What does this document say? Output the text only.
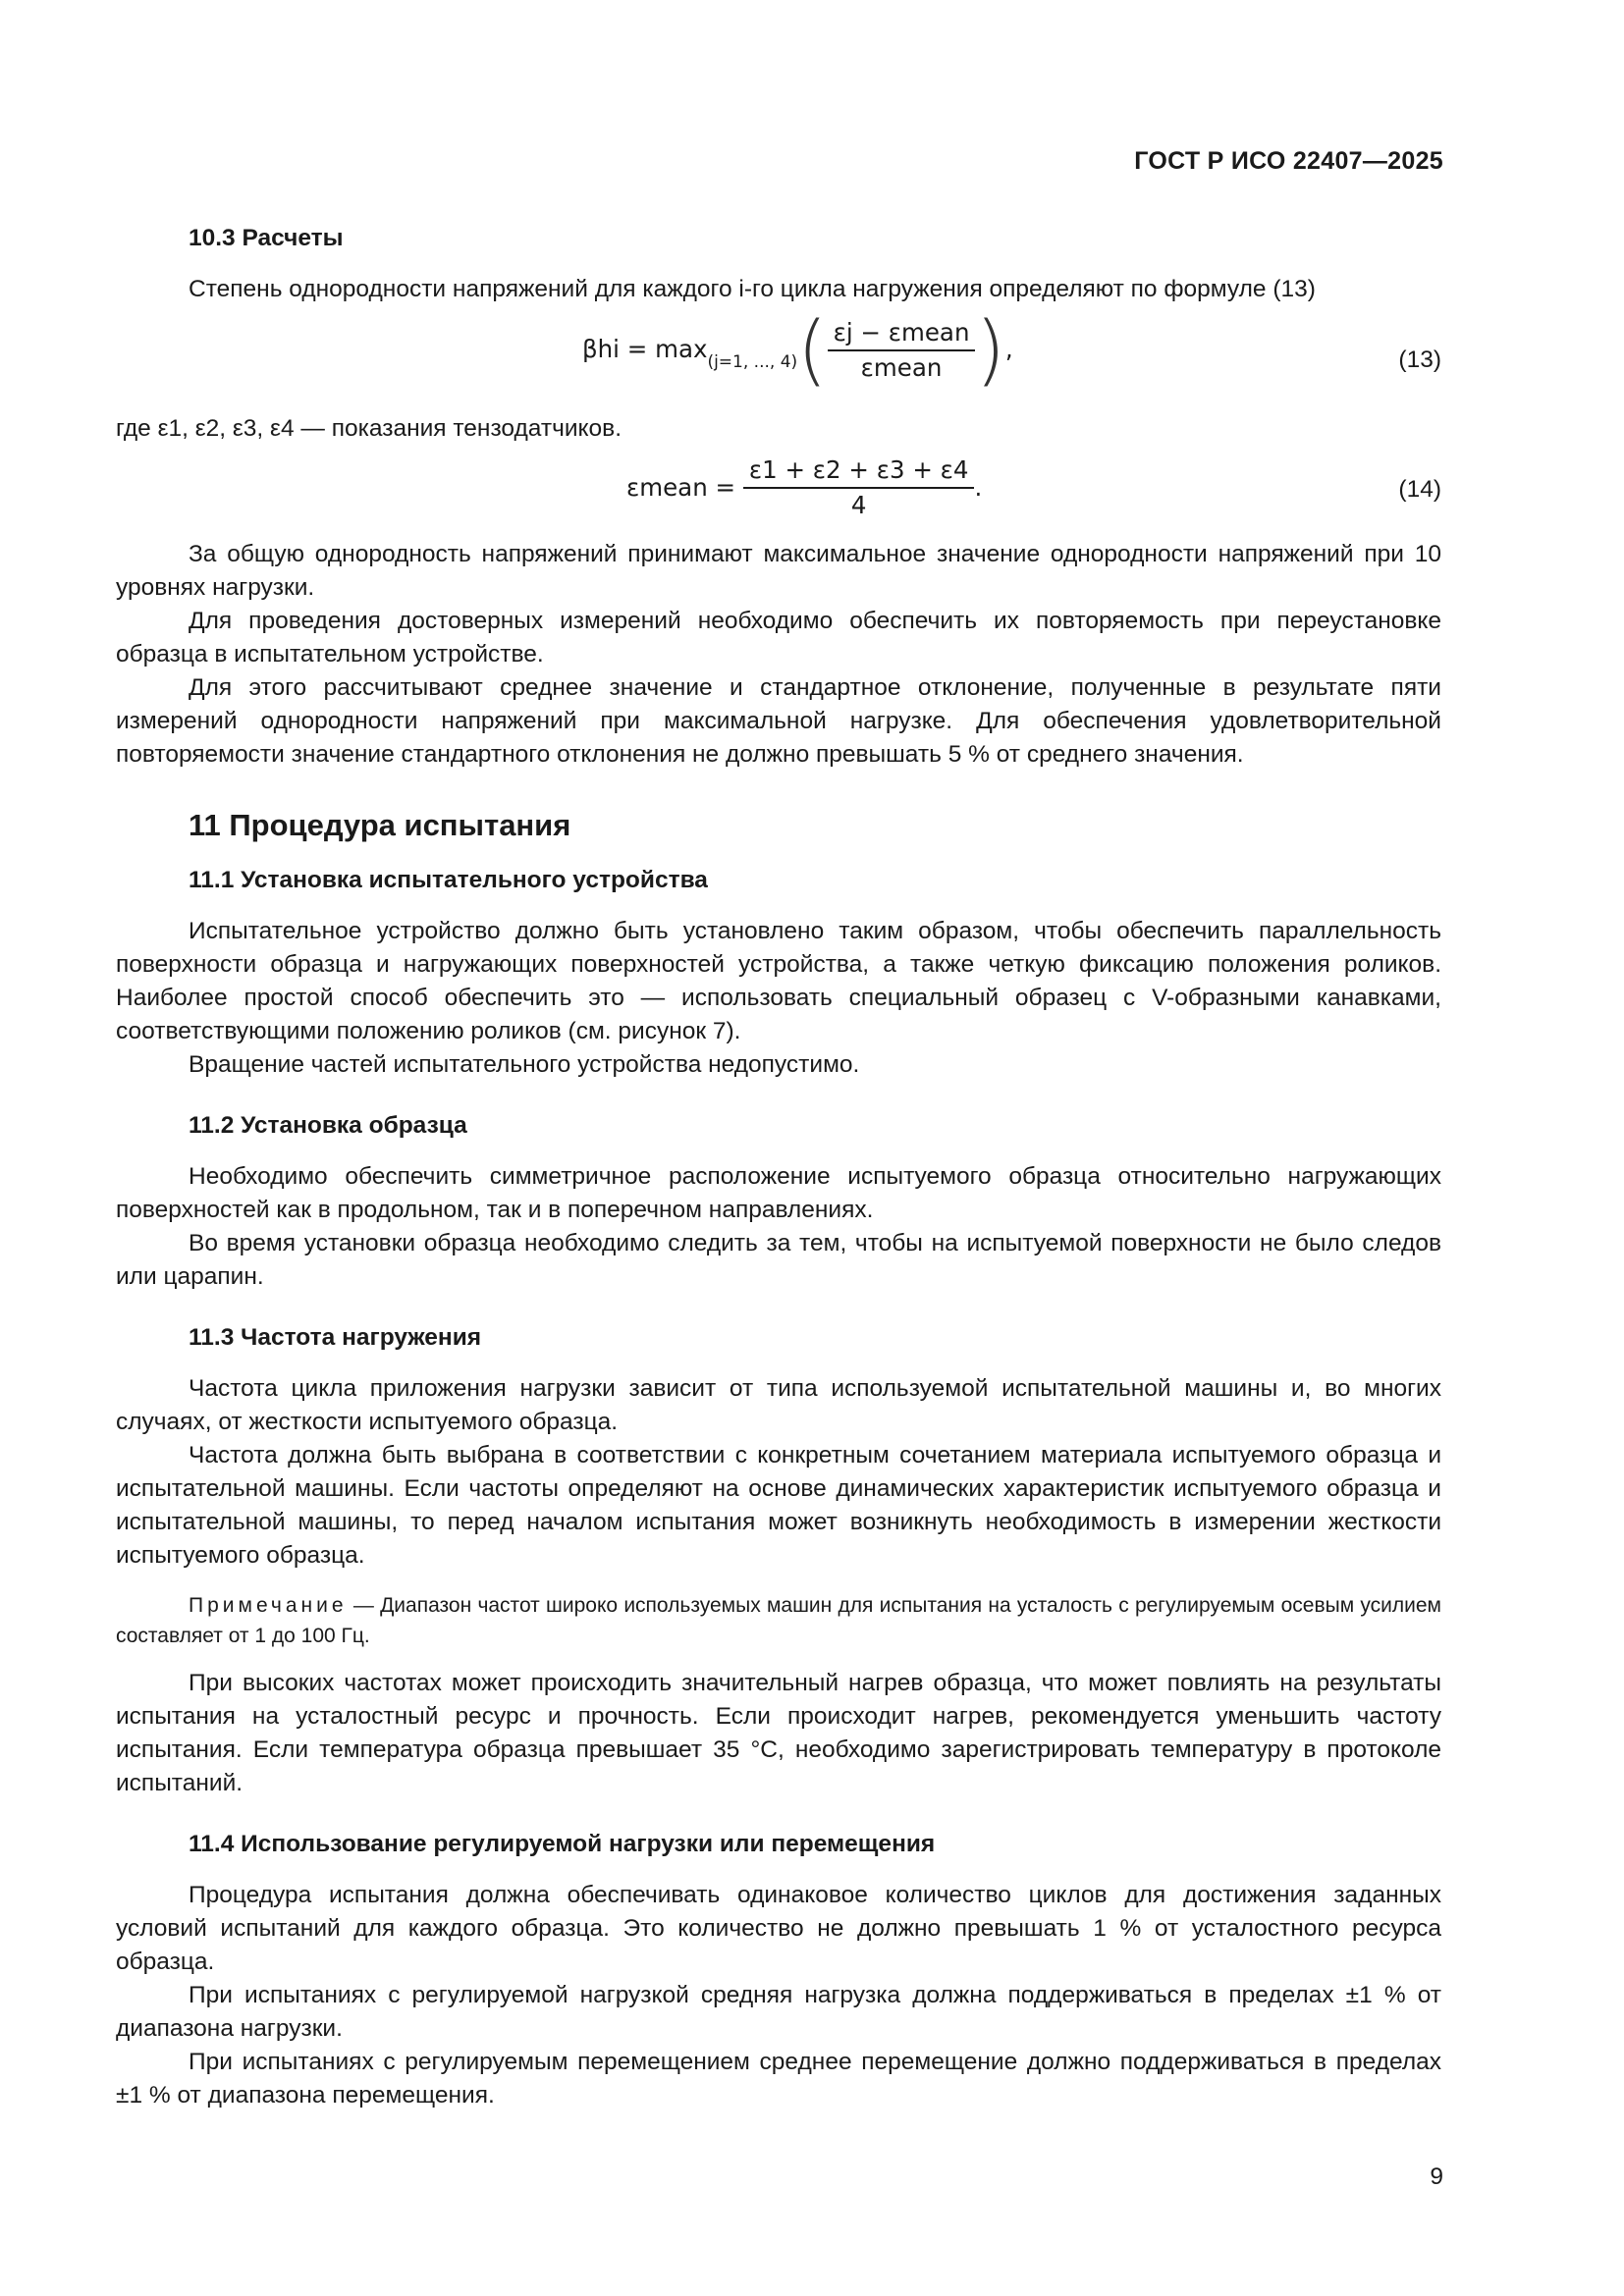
ГОСТ Р ИСО 22407—2025
10.3 Расчеты

Степень однородности напряжений для каждого i-го цикла нагружения определяют по формуле (13)

$\beta hi = \max_{(j=1, ..., 4)}( \frac{\text{εj − εmean}}{\text{εmean}}$ ),	(13)

где ε1, ε2, ε3, ε4 — показания тензодатчиков.

εmean = $\frac{\varepsilon 1 + \varepsilon 2 + \varepsilon 3 + \varepsilon 4}{4}$ .	(14)

За общую однородность напряжений принимают максимальное значение однородности напряжений при 10 уровнях нагрузки.

Для проведения достоверных измерений необходимо обеспечить их повторяемость при переустановке образца в испытательном устройстве.

Для этого рассчитывают среднее значение и стандартное отклонение, полученные в результате пяти измерений однородности напряжений при максимальной нагрузке. Для обеспечения удовлетворительной повторяемости значение стандартного отклонения не должно превышать 5 % от среднего значения.

11 Процедура испытания
11.1 Установка испытательного устройства

Испытательное устройство должно быть установлено таким образом, чтобы обеспечить параллельность поверхности образца и нагружающих поверхностей устройства, а также четкую фиксацию положения роликов. Наиболее простой способ обеспечить это — использовать специальный образец с V-образными канавками, соответствующими положению роликов (см. рисунок 7).

Вращение частей испытательного устройства недопустимо.

11.2 Установка образца

Необходимо обеспечить симметричное расположение испытуемого образца относительно нагружающих поверхностей как в продольном, так и в поперечном направлениях.

Во время установки образца необходимо следить за тем, чтобы на испытуемой поверхности не было следов или царапин.

11.3 Частота нагружения

Частота цикла приложения нагрузки зависит от типа используемой испытательной машины и, во многих случаях, от жесткости испытуемого образца.

Частота должна быть выбрана в соответствии с конкретным сочетанием материала испытуемого образца и испытательной машины. Если частоты определяют на основе динамических характеристик испытуемого образца и испытательной машины, то перед началом испытания может возникнуть необходимость в измерении жесткости испытуемого образца.

Примечание — Диапазон частот широко используемых машин для испытания на усталость с регулируемым осевым усилием составляет от 1 до 100 Гц.

При высоких частотах может происходить значительный нагрев образца, что может повлиять на результаты испытания на усталостный ресурс и прочность. Если происходит нагрев, рекомендуется уменьшить частоту испытания. Если температура образца превышает 35 °С, необходимо зарегистрировать температуру в протоколе испытаний.

11.4 Использование регулируемой нагрузки или перемещения

Процедура испытания должна обеспечивать одинаковое количество циклов для достижения заданных условий испытаний для каждого образца. Это количество не должно превышать 1 % от усталостного ресурса образца.

При испытаниях с регулируемой нагрузкой средняя нагрузка должна поддерживаться в пределах ±1 % от диапазона нагрузки.

При испытаниях с регулируемым перемещением среднее перемещение должно поддерживаться в пределах ±1 % от диапазона перемещения.

9
